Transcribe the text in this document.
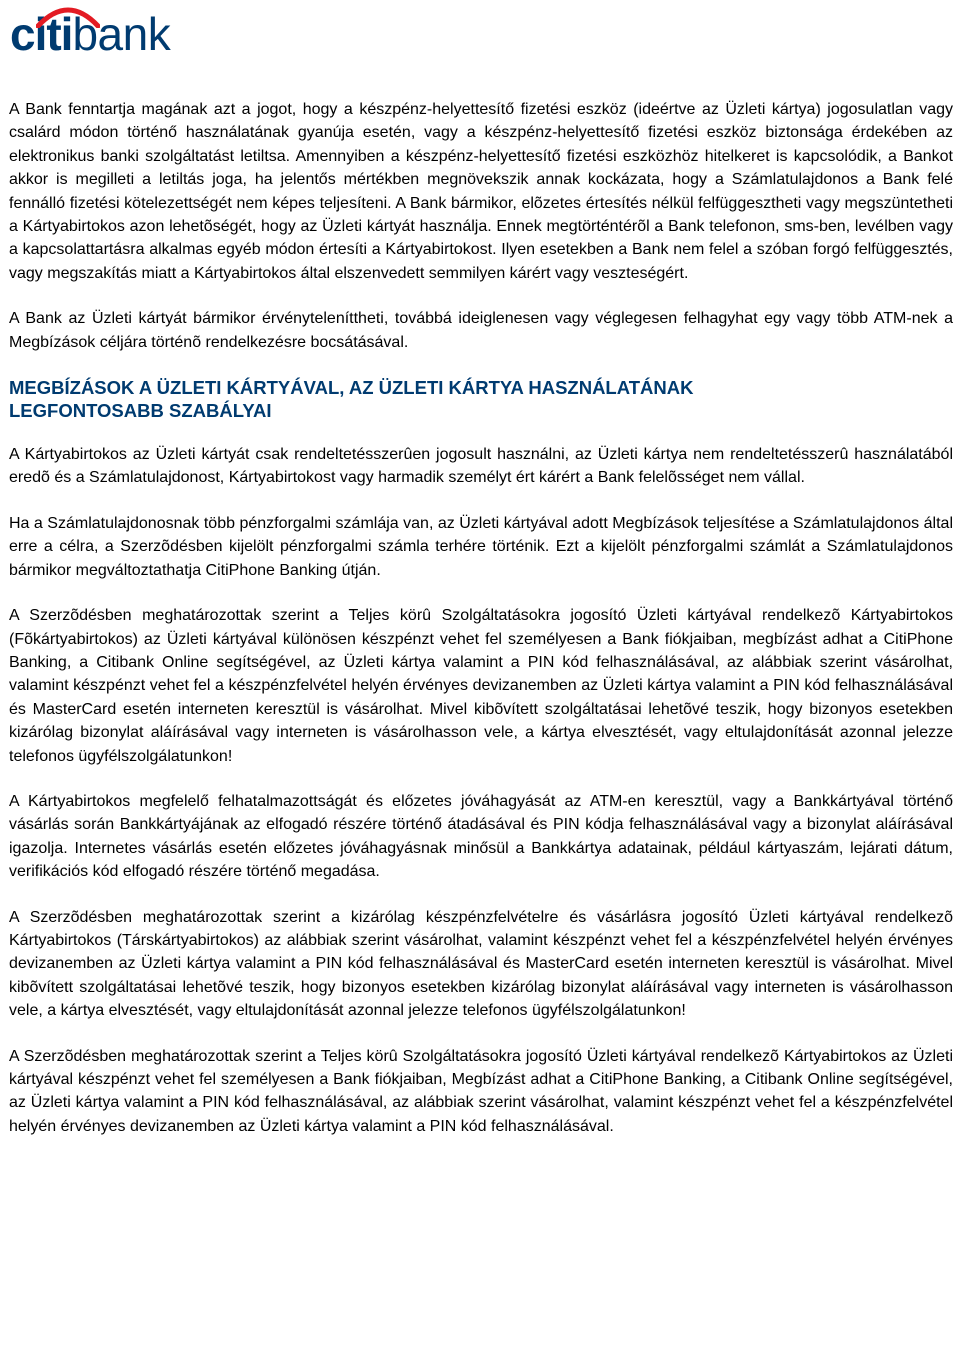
citi bank

A Bank fenntartja magának azt a jogot, hogy a készpénz-helyettesítő fizetési eszköz (ideértve az Üzleti kártya) jogosulatlan vagy csalárd módon történő használatának gyanúja esetén, vagy a készpénz-helyettesítő fizetési eszköz biztonsága érdekében az elektronikus banki szolgáltatást letiltsa. Amennyiben a készpénz-helyettesítő fizetési eszközhöz hitelkeret is kapcsolódik, a Bankot akkor is megilleti a letiltás joga, ha jelentős mértékben megnövekszik annak kockázata, hogy a Számlatulajdonos a Bank felé fennálló fizetési kötelezettségét nem képes teljesíteni. A Bank bármikor, elõzetes értesítés nélkül felfüggesztheti vagy megszüntetheti a Kártyabirtokos azon lehetõségét, hogy az Üzleti kártyát használja. Ennek megtörténtérõl a Bank telefonon, sms-ben, levélben vagy a kapcsolattartásra alkalmas egyéb módon értesíti a Kártyabirtokost. Ilyen esetekben a Bank nem felel a szóban forgó felfüggesztés, vagy megszakítás miatt a Kártyabirtokos által elszenvedett semmilyen kárért vagy veszteségért.

A Bank az Üzleti kártyát bármikor érvényteleníttheti, továbbá ideiglenesen vagy véglegesen felhagyhat egy vagy több ATM-nek a Megbízások céljára történõ rendelkezésre bocsátásával.

MEGBÍZÁSOK A ÜZLETI KÁRTYÁVAL, AZ ÜZLETI KÁRTYA HASZNÁLATÁNAK
LEGFONTOSABB SZABÁLYAI

A Kártyabirtokos az Üzleti kártyát csak rendeltetésszerûen jogosult használni, az Üzleti kártya nem rendeltetésszerû használatából eredõ és a Számlatulajdonost, Kártyabirtokost vagy harmadik személyt ért kárért a Bank felelõsséget nem vállal.

Ha a Számlatulajdonosnak több pénzforgalmi számlája van, az Üzleti kártyával adott Megbízások teljesítése a Számlatulajdonos által erre a célra, a Szerzõdésben kijelölt pénzforgalmi számla terhére történik. Ezt a kijelölt pénzforgalmi számlát a Számlatulajdonos bármikor megváltoztathatja CitiPhone Banking útján.

A Szerzõdésben meghatározottak szerint a Teljes körû Szolgáltatásokra jogosító Üzleti kártyával rendelkezõ Kártyabirtokos (Fõkártyabirtokos) az Üzleti kártyával különösen készpénzt vehet fel személyesen a Bank fiókjaiban, megbízást adhat a CitiPhone Banking, a Citibank Online segítségével, az Üzleti kártya valamint a PIN kód felhasználásával, az alábbiak szerint vásárolhat, valamint készpénzt vehet fel a készpénzfelvétel helyén érvényes devizanemben az Üzleti kártya valamint a PIN kód felhasználásával és MasterCard esetén interneten keresztül is vásárolhat. Mivel kibõvített szolgáltatásai lehetõvé teszik, hogy bizonyos esetekben kizárólag bizonylat aláírásával vagy interneten is vásárolhasson vele, a kártya elvesztését, vagy eltulajdonítását azonnal jelezze telefonos ügyfélszolgálatunkon!

A Kártyabirtokos megfelelő felhatalmazottságát és előzetes jóváhagyását az ATM-en keresztül, vagy a Bankkártyával történő vásárlás során Bankkártyájának az elfogadó részére történő átadásával és PIN kódja felhasználásával vagy a bizonylat aláírásával igazolja. Internetes vásárlás esetén előzetes jóváhagyásnak minősül a Bankkártya adatainak, például kártyaszám, lejárati dátum, verifikációs kód elfogadó részére történő megadása.

A Szerzõdésben meghatározottak szerint a kizárólag készpénzfelvételre és vásárlásra jogosító Üzleti kártyával rendelkezõ Kártyabirtokos (Társkártyabirtokos) az alábbiak szerint vásárolhat, valamint készpénzt vehet fel a készpénzfelvétel helyén érvényes devizanemben az Üzleti kártya valamint a PIN kód felhasználásával és MasterCard esetén interneten keresztül is vásárolhat. Mivel kibõvített szolgáltatásai lehetõvé teszik, hogy bizonyos esetekben kizárólag bizonylat aláírásával vagy interneten is vásárolhasson vele, a kártya elvesztését, vagy eltulajdonítását azonnal jelezze telefonos ügyfélszolgálatunkon!

A Szerzõdésben meghatározottak szerint a Teljes körû Szolgáltatásokra jogosító Üzleti kártyával rendelkezõ Kártyabirtokos az Üzleti kártyával készpénzt vehet fel személyesen a Bank fiókjaiban, Megbízást adhat a CitiPhone Banking, a Citibank Online segítségével, az Üzleti kártya valamint a PIN kód felhasználásával, az alábbiak szerint vásárolhat, valamint készpénzt vehet fel a készpénzfelvétel helyén érvényes devizanemben az Üzleti kártya valamint a PIN kód felhasználásával.
